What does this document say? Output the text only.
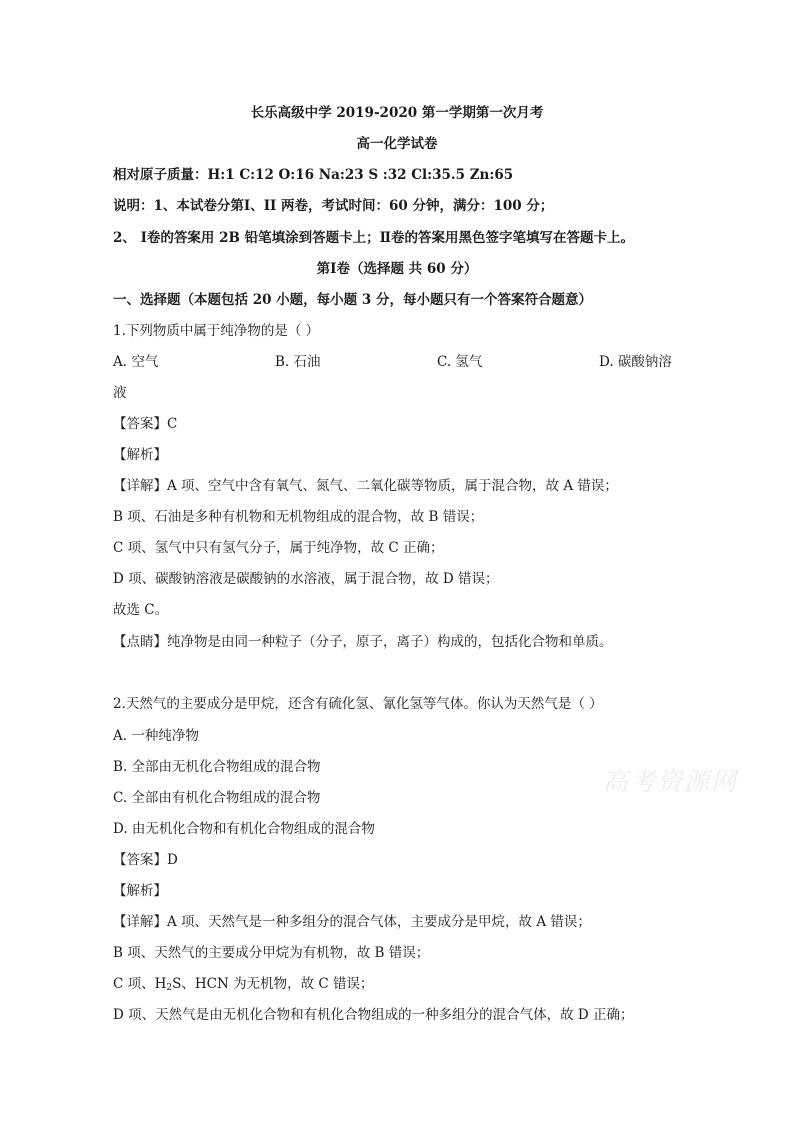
长乐高级中学 2019-2020 第一学期第一次月考
高一化学试卷
相对原子质量：H:1 C:12 O:16 Na:23 S :32 Cl:35.5 Zn:65
说明：1、本试卷分第Ⅰ、II 两卷，考试时间：60 分钟，满分：100 分；
2、 Ⅰ卷的答案用 2B 铅笔填涂到答题卡上；Ⅱ卷的答案用黑色签字笔填写在答题卡上。
第Ⅰ卷（选择题 共 60 分）
一、选择题（本题包括 20 小题，每小题 3 分，每小题只有一个答案符合题意）
1.下列物质中属于纯净物的是（ ）
A. 空气	B. 石油	C. 氢气	D. 碳酸钠溶
液
【答案】C
【解析】
【详解】A 项、空气中含有氧气、氮气、二氧化碳等物质，属于混合物，故 A 错误；
B 项、石油是多种有机物和无机物组成的混合物，故 B 错误；
C 项、氢气中只有氢气分子，属于纯净物，故 C 正确；
D 项、碳酸钠溶液是碳酸钠的水溶液，属于混合物，故 D 错误；
故选 C。
【点睛】纯净物是由同一种粒子（分子，原子，离子）构成的，包括化合物和单质。
2.天然气的主要成分是甲烷，还含有硫化氢、氰化氢等气体。你认为天然气是（ ）
A. 一种纯净物
B. 全部由无机化合物组成的混合物
C. 全部由有机化合物组成的混合物
D. 由无机化合物和有机化合物组成的混合物
【答案】D
【解析】
【详解】A 项、天然气是一种多组分的混合气体，主要成分是甲烷，故 A 错误；
B 项、天然气的主要成分甲烷为有机物，故 B 错误；
C 项、$H_2S$、HCN 为无机物，故 C 错误；
D 项、天然气是由无机化合物和有机化合物组成的一种多组分的混合气体，故 D 正确；
高考资源网
